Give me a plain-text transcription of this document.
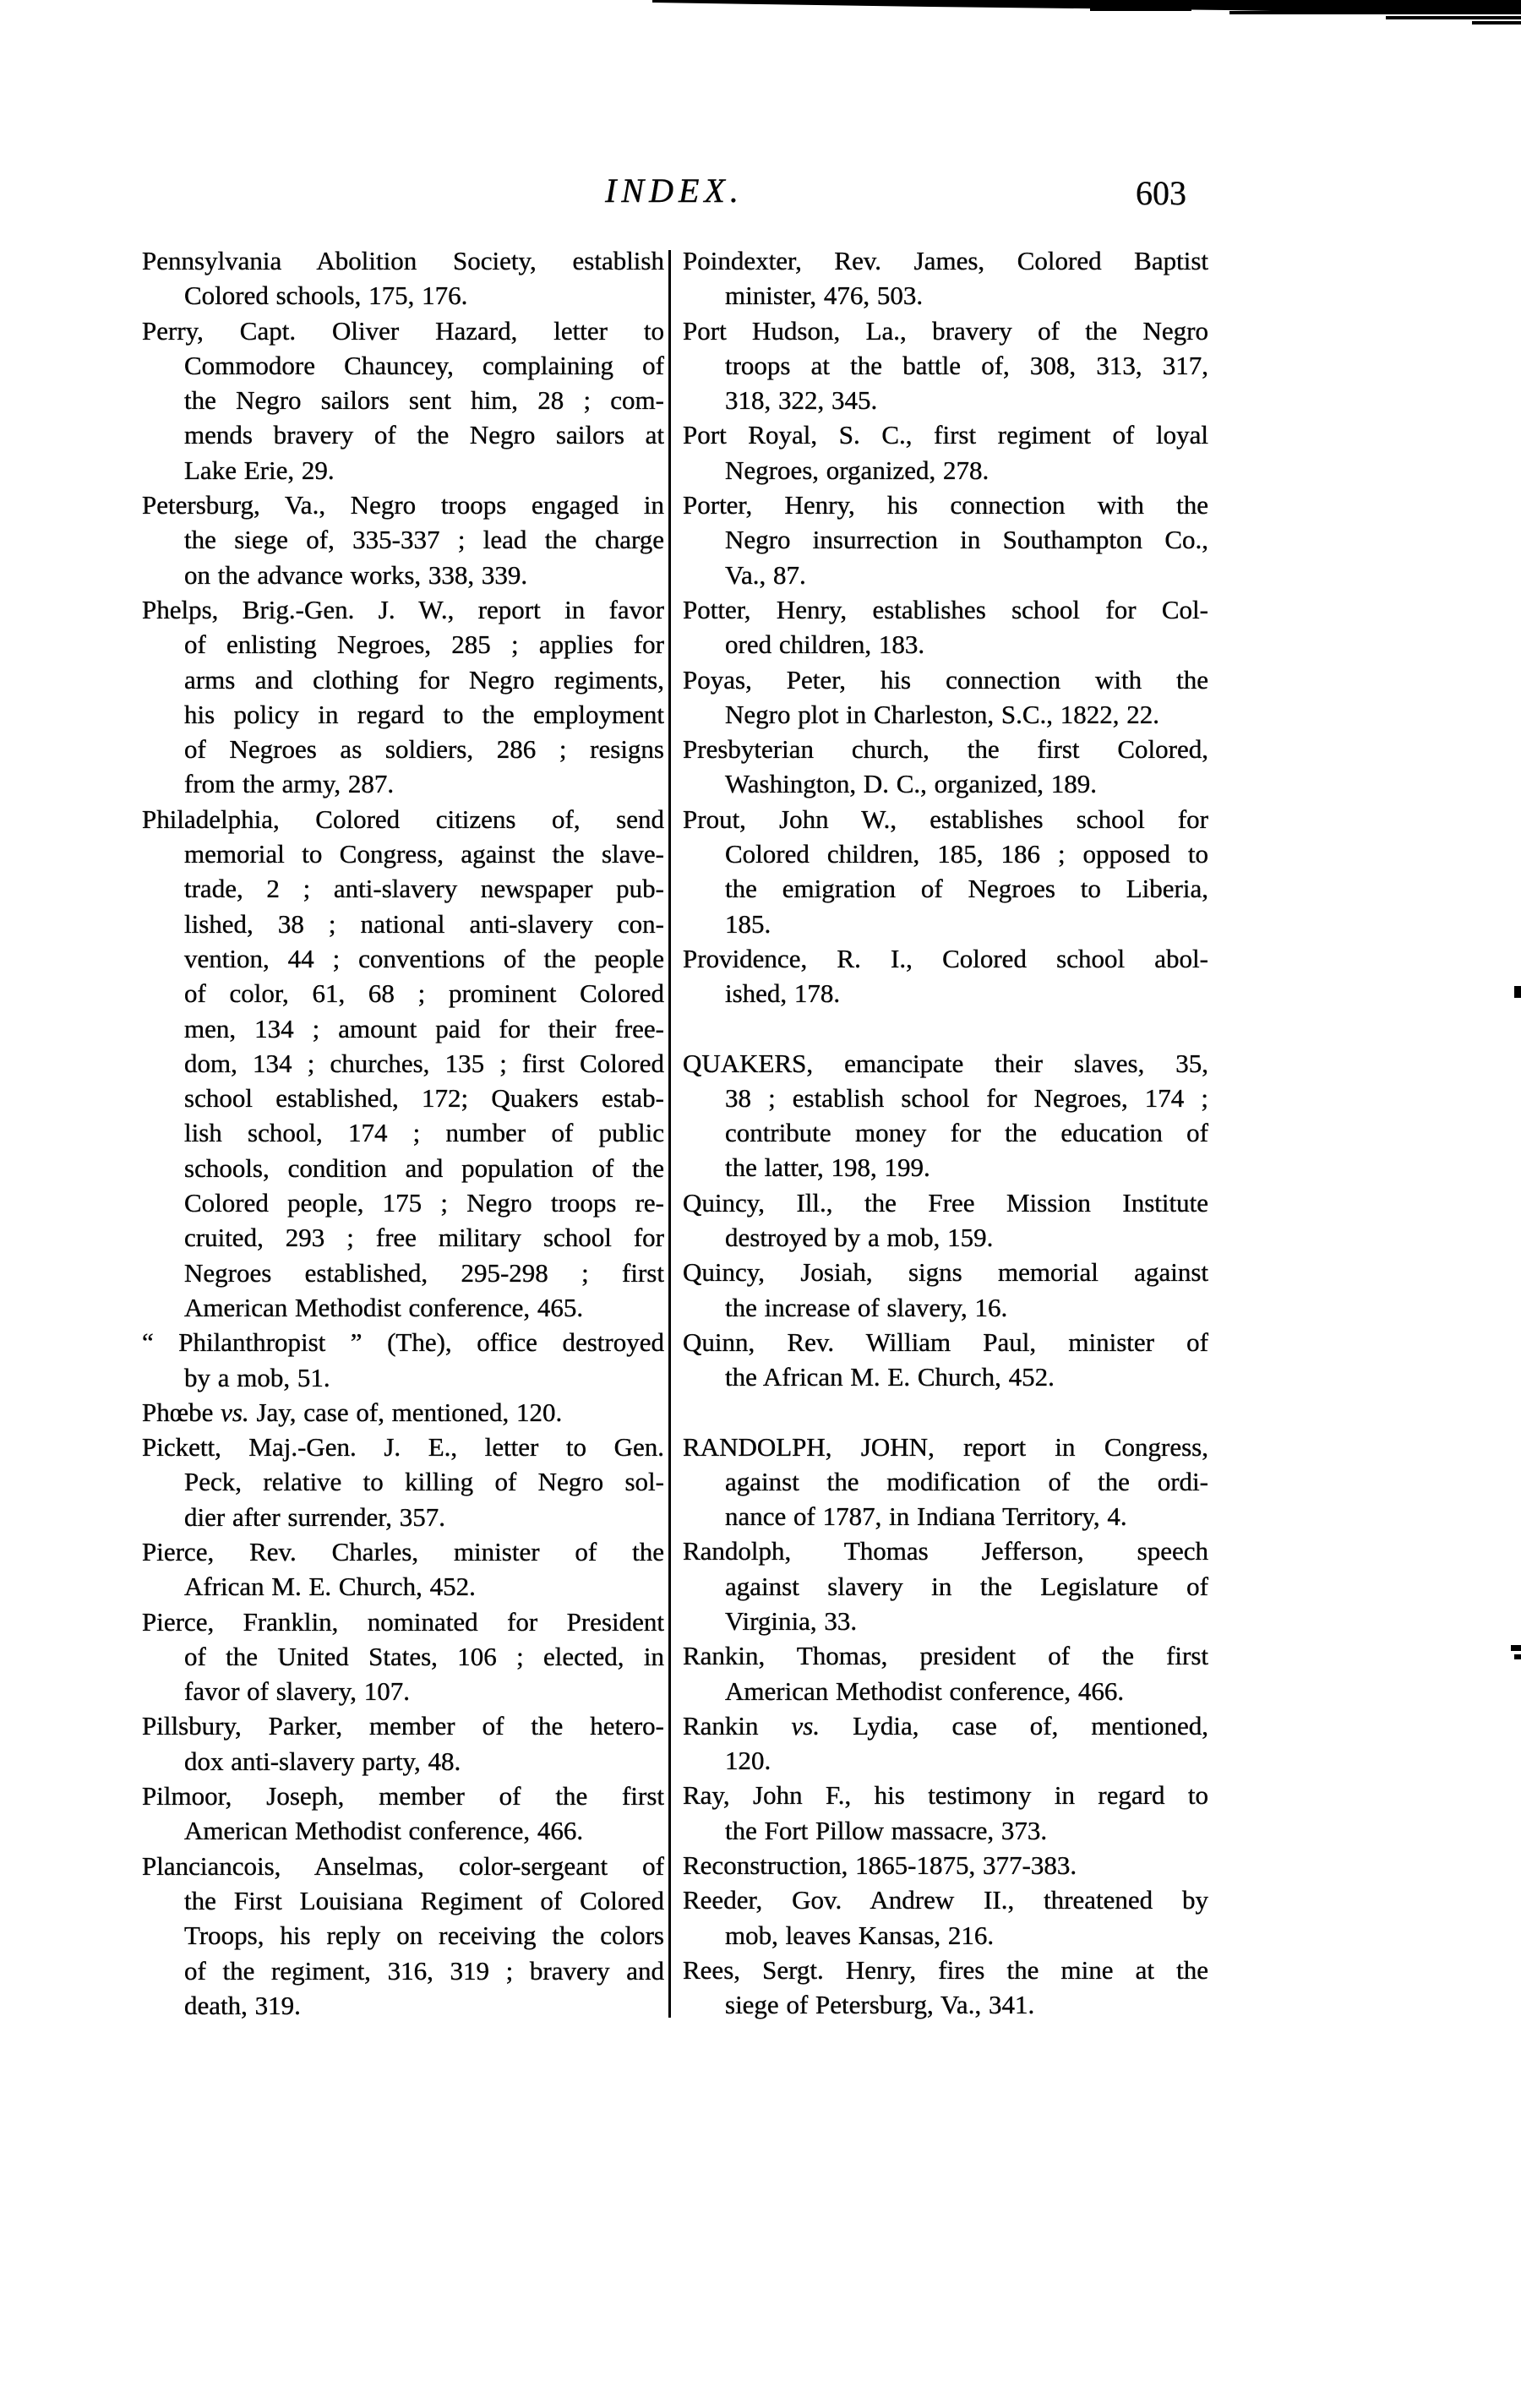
INDEX.	603
Pennsylvania Abolition Society, establish
Colored schools, 175, 176.
Perry, Capt. Oliver Hazard, letter to
Commodore Chauncey, complaining of
the Negro sailors sent him, 28 ; com-
mends bravery of the Negro sailors at
Lake Erie, 29.
Petersburg, Va., Negro troops engaged in
the siege of, 335-337 ; lead the charge
on the advance works, 338, 339.
Phelps, Brig.-Gen. J. W., report in favor
of enlisting Negroes, 285 ; applies for
arms and clothing for Negro regiments,
his policy in regard to the employment
of Negroes as soldiers, 286 ; resigns
from the army, 287.
Philadelphia, Colored citizens of, send
memorial to Congress, against the slave-
trade, 2 ; anti-slavery newspaper pub-
lished, 38 ; national anti-slavery con-
vention, 44 ; conventions of the people
of color, 61, 68 ; prominent Colored
men, 134 ; amount paid for their free-
dom, 134 ; churches, 135 ; first Colored
school established, 172; Quakers estab-
lish school, 174 ; number of public
schools, condition and population of the
Colored people, 175 ; Negro troops re-
cruited, 293 ; free military school for
Negroes established, 295-298 ; first
American Methodist conference, 465.
“ Philanthropist ” (The), office destroyed
by a mob, 51.
Phœbe vs. Jay, case of, mentioned, 120.
Pickett, Maj.-Gen. J. E., letter to Gen.
Peck, relative to killing of Negro sol-
dier after surrender, 357.
Pierce, Rev. Charles, minister of the
African M. E. Church, 452.
Pierce, Franklin, nominated for President
of the United States, 106 ; elected, in
favor of slavery, 107.
Pillsbury, Parker, member of the hetero-
dox anti-slavery party, 48.
Pilmoor, Joseph, member of the first
American Methodist conference, 466.
Planciancois, Anselmas, color-sergeant of
the First Louisiana Regiment of Colored
Troops, his reply on receiving the colors
of the regiment, 316, 319 ; bravery and
death, 319.
Poindexter, Rev. James, Colored Baptist
minister, 476, 503.
Port Hudson, La., bravery of the Negro
troops at the battle of, 308, 313, 317,
318, 322, 345.
Port Royal, S. C., first regiment of loyal
Negroes, organized, 278.
Porter, Henry, his connection with the
Negro insurrection in Southampton Co.,
Va., 87.
Potter, Henry, establishes school for Col-
ored children, 183.
Poyas, Peter, his connection with the
Negro plot in Charleston, S.C., 1822, 22.
Presbyterian church, the first Colored,
Washington, D. C., organized, 189.
Prout, John W., establishes school for
Colored children, 185, 186 ; opposed to
the emigration of Negroes to Liberia,
185.
Providence, R. I., Colored school abol-
ished, 178.
QUAKERS, emancipate their slaves, 35,
38 ; establish school for Negroes, 174 ;
contribute money for the education of
the latter, 198, 199.
Quincy, Ill., the Free Mission Institute
destroyed by a mob, 159.
Quincy, Josiah, signs memorial against
the increase of slavery, 16.
Quinn, Rev. William Paul, minister of
the African M. E. Church, 452.
RANDOLPH, JOHN, report in Congress,
against the modification of the ordi-
nance of 1787, in Indiana Territory, 4.
Randolph, Thomas Jefferson, speech
against slavery in the Legislature of
Virginia, 33.
Rankin, Thomas, president of the first
American Methodist conference, 466.
Rankin vs. Lydia, case of, mentioned,
120.
Ray, John F., his testimony in regard to
the Fort Pillow massacre, 373.
Reconstruction, 1865-1875, 377-383.
Reeder, Gov. Andrew II., threatened by
mob, leaves Kansas, 216.
Rees, Sergt. Henry, fires the mine at the
siege of Petersburg, Va., 341.
